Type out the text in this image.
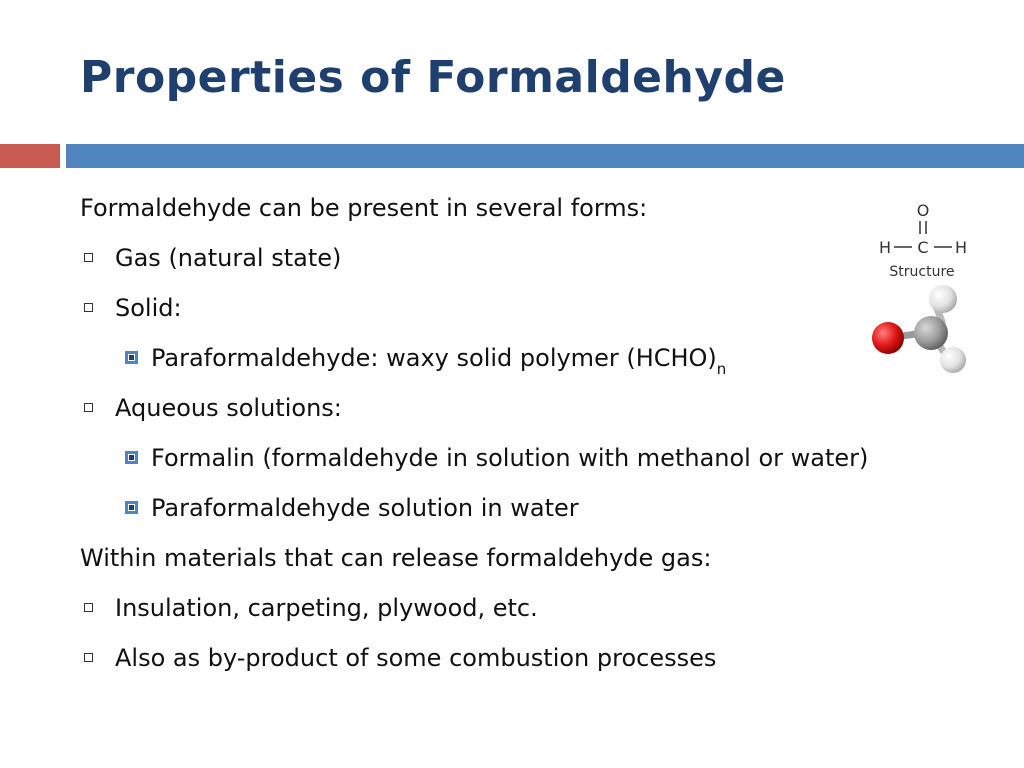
Properties of Formaldehyde
Formaldehyde can be present in several forms:
Gas (natural state)
Solid:
Paraformaldehyde: waxy solid polymer $(HCHO)_n$
Aqueous solutions:
Formalin (formaldehyde in solution with methanol or water)
Paraformaldehyde solution in water
Within materials that can release formaldehyde gas:
Insulation, carpeting, plywood, etc.
Also as by-product of some combustion processes
O
H C H
Structure
